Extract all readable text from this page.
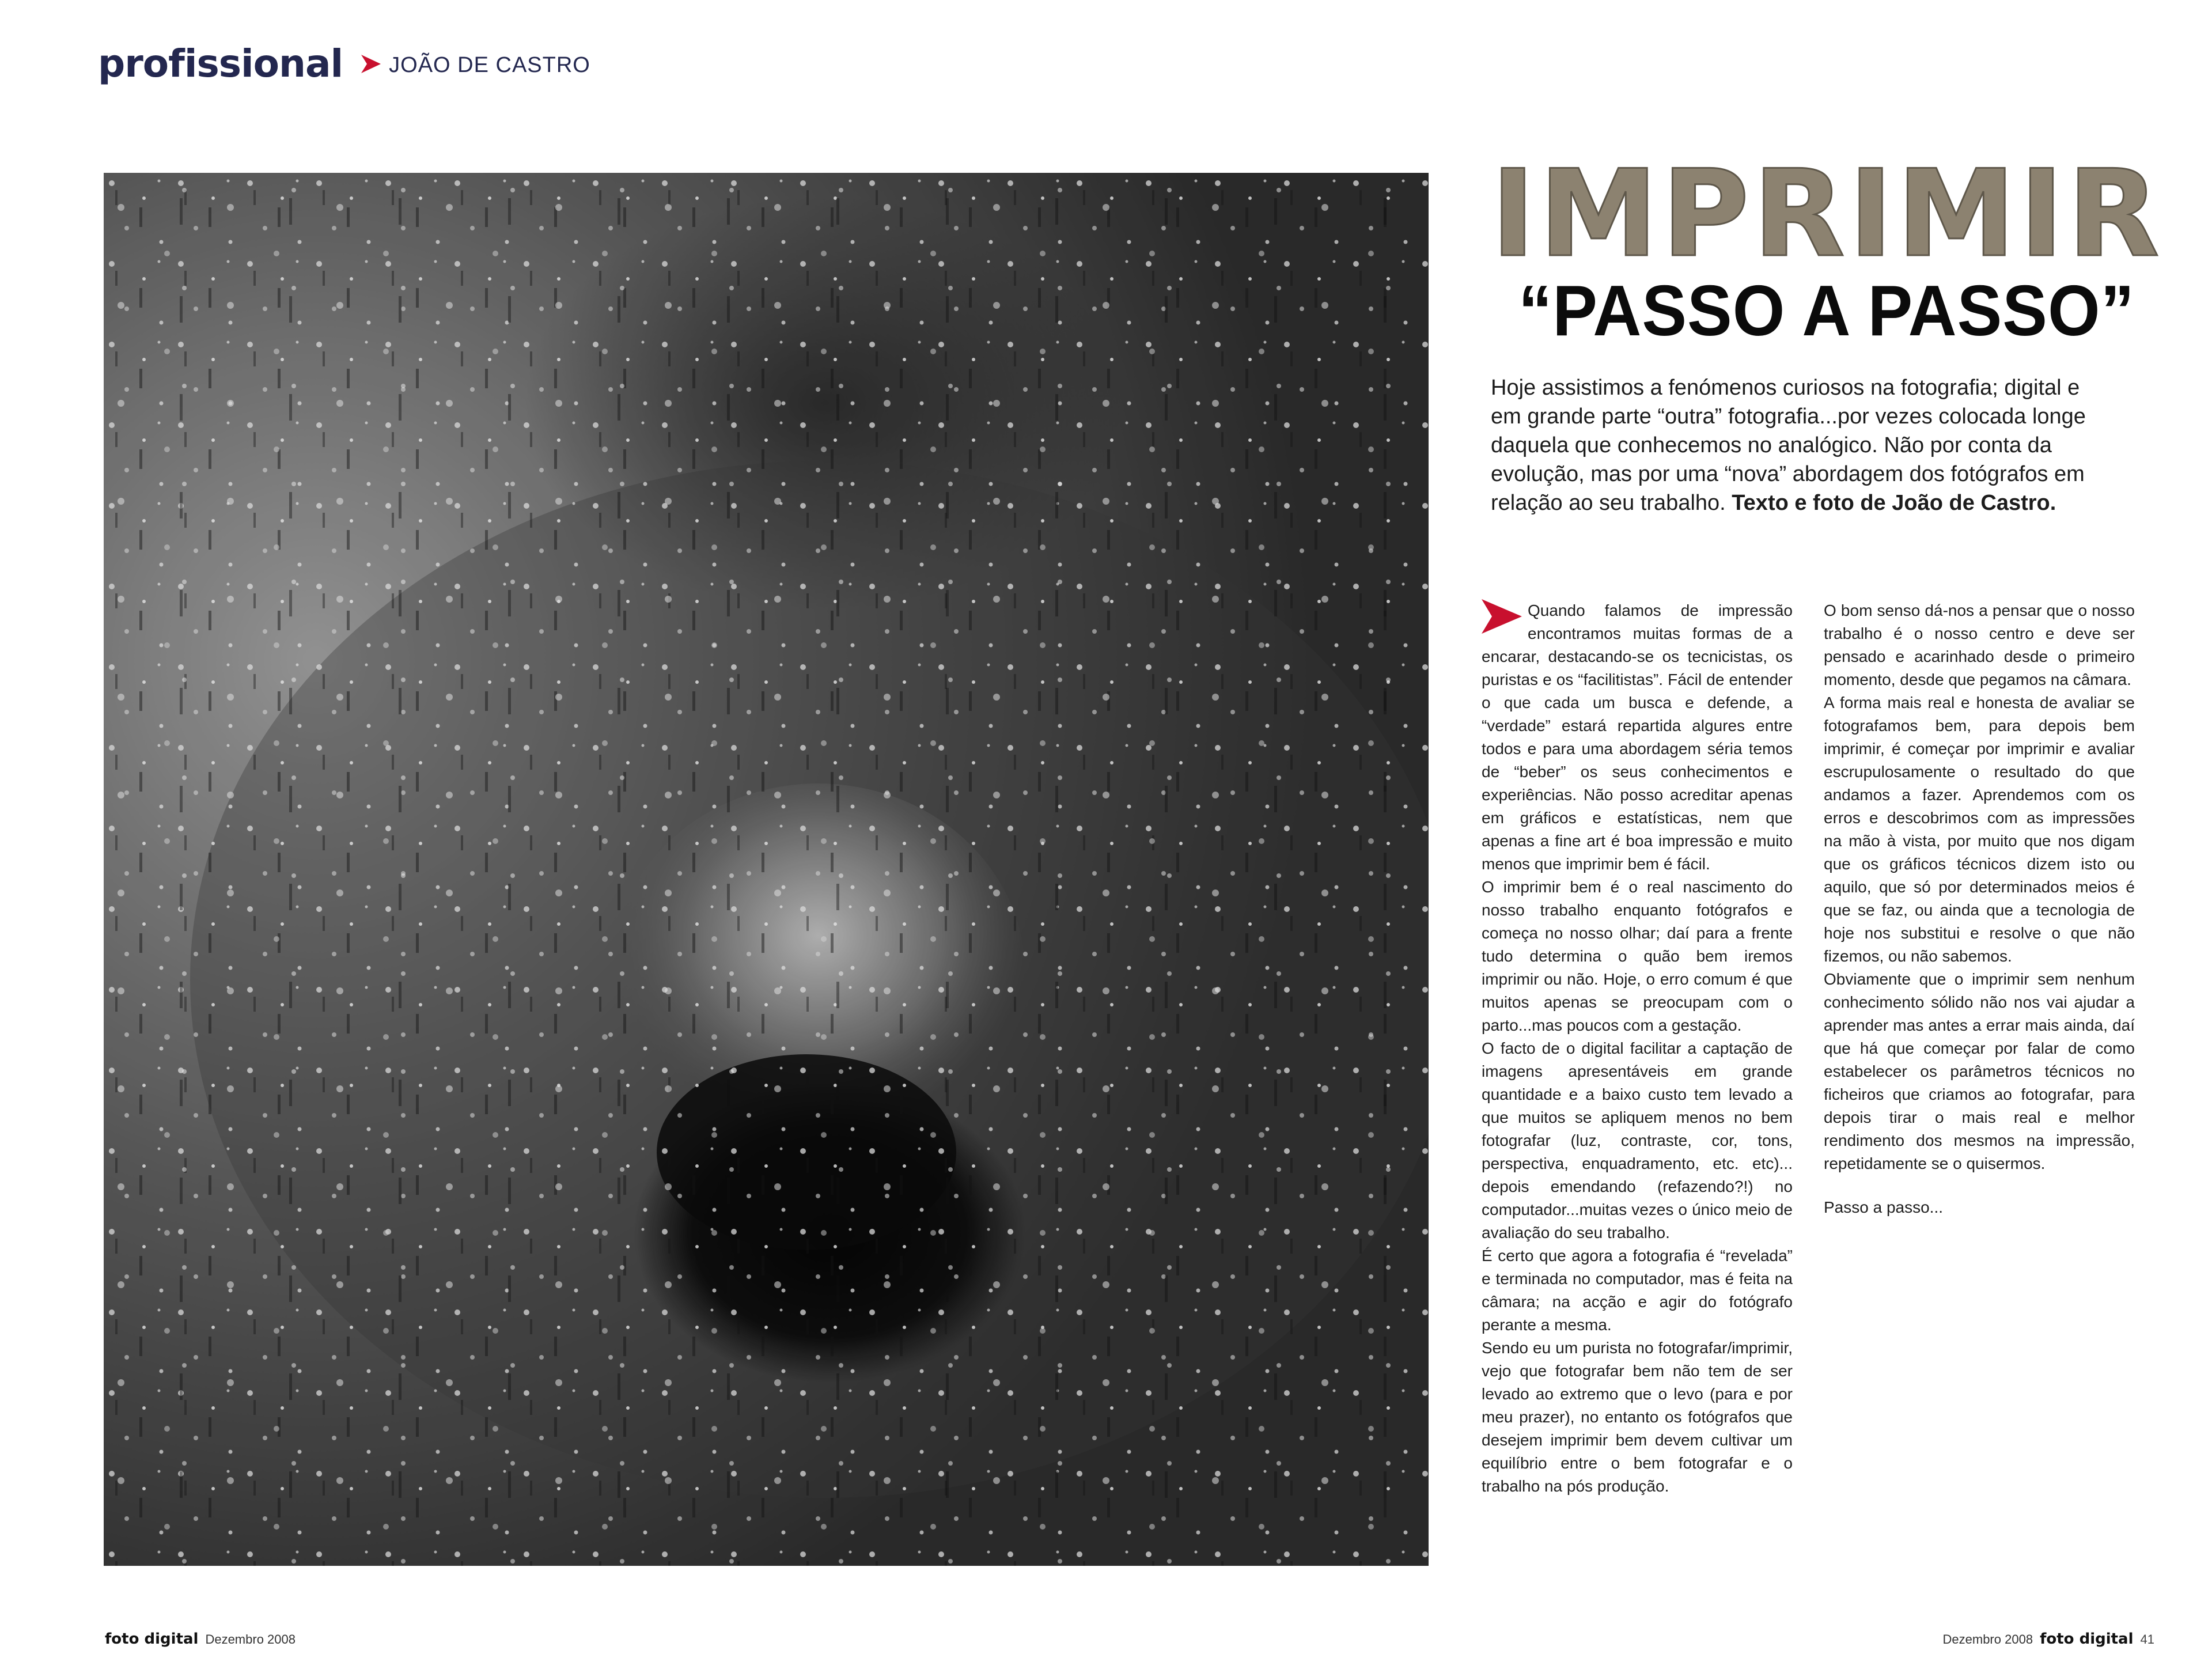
profissional JOÃO DE CASTRO
IMPRIMIR
“PASSO A PASSO”

Hoje assistimos a fenómenos curiosos na fotografia; digital e em grande parte “outra” fotografia...por vezes colocada longe daquela que conhecemos no analógico. Não por conta da evolução, mas por uma “nova” abordagem dos fotógrafos em relação ao seu trabalho. Texto e foto de João de Castro.

Quando falamos de impressão encontramos muitas formas de a encarar, destacando-se os tecnicistas, os puristas e os “facilitistas”. Fácil de entender o que cada um busca e defende, a “verdade” estará repartida algures entre todos e para uma abordagem séria temos de “beber” os seus conhecimentos e experiências. Não posso acreditar apenas em gráficos e estatísticas, nem que apenas a fine art é boa impressão e muito menos que imprimir bem é fácil.

O imprimir bem é o real nascimento do nosso trabalho enquanto fotógrafos e começa no nosso olhar; daí para a frente tudo determina o quão bem iremos imprimir ou não. Hoje, o erro comum é que muitos apenas se preocupam com o parto...mas poucos com a gestação.

O facto de o digital facilitar a captação de imagens apresentáveis em grande quantidade e a baixo custo tem levado a que muitos se apliquem menos no bem fotografar (luz, contraste, cor, tons, perspectiva, enquadramento, etc. etc)... depois emendando (refazendo?!) no computador...muitas vezes o único meio de avaliação do seu trabalho.

É certo que agora a fotografia é “revelada” e terminada no computador, mas é feita na câmara; na acção e agir do fotógrafo perante a mesma.

Sendo eu um purista no fotografar/imprimir, vejo que fotografar bem não tem de ser levado ao extremo que o levo (para e por meu prazer), no entanto os fotógrafos que desejem imprimir bem devem cultivar um equilíbrio entre o bem fotografar e o trabalho na pós produção.

O bom senso dá-nos a pensar que o nosso trabalho é o nosso centro e deve ser pensado e acarinhado desde o primeiro momento, desde que pegamos na câmara.

A forma mais real e honesta de avaliar se fotografamos bem, para depois bem imprimir, é começar por imprimir e avaliar escrupulosamente o resultado do que andamos a fazer. Aprendemos com os erros e descobrimos com as impressões na mão à vista, por muito que nos digam que os gráficos técnicos dizem isto ou aquilo, que só por determinados meios é que se faz, ou ainda que a tecnologia de hoje nos substitui e resolve o que não fizemos, ou não sabemos.

Obviamente que o imprimir sem nenhum conhecimento sólido não nos vai ajudar a aprender mas antes a errar mais ainda, daí que há que começar por falar de como estabelecer os parâmetros técnicos no ficheiros que criamos ao fotografar, para depois tirar o mais real e melhor rendimento dos mesmos na impressão, repetidamente se o quisermos.

Passo a passo...

foto digital Dezembro 2008	Dezembro 2008 foto digital 41
